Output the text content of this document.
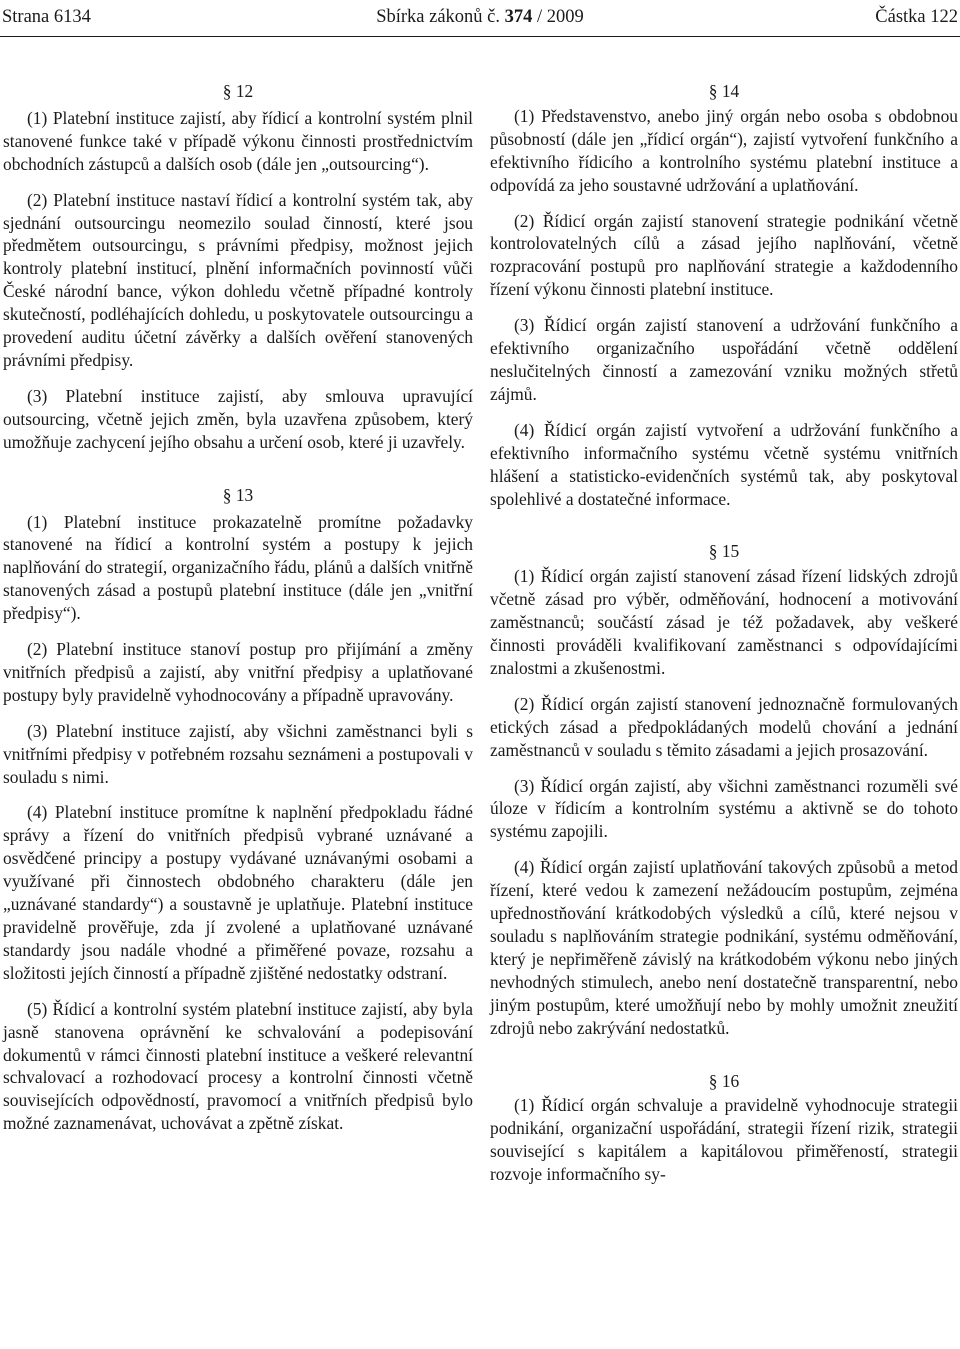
Strana 6134	Sbírka zákonů č. 374 / 2009	Částka 122
§ 12

(1) Platební instituce zajistí, aby řídicí a kontrolní systém plnil stanovené funkce také v případě výkonu činnosti prostřednictvím obchodních zástupců a dalších osob (dále jen „outsourcing“).

(2) Platební instituce nastaví řídicí a kontrolní systém tak, aby sjednání outsourcingu neomezilo soulad činností, které jsou předmětem outsourcingu, s právními předpisy, možnost jejich kontroly platební institucí, plnění informačních povinností vůči České národní bance, výkon dohledu včetně případné kontroly skutečností, podléhajících dohledu, u poskytovatele outsourcingu a provedení auditu účetní závěrky a dalších ověření stanovených právními předpisy.

(3) Platební instituce zajistí, aby smlouva upravující outsourcing, včetně jejich změn, byla uzavřena způsobem, který umožňuje zachycení jejího obsahu a určení osob, které ji uzavřely.

§ 13

(1) Platební instituce prokazatelně promítne požadavky stanovené na řídicí a kontrolní systém a postupy k jejich naplňování do strategií, organizačního řádu, plánů a dalších vnitřně stanovených zásad a postupů platební instituce (dále jen „vnitřní předpisy“).

(2) Platební instituce stanoví postup pro přijímání a změny vnitřních předpisů a zajistí, aby vnitřní předpisy a uplatňované postupy byly pravidelně vyhodnocovány a případně upravovány.

(3) Platební instituce zajistí, aby všichni zaměstnanci byli s vnitřními předpisy v potřebném rozsahu seznámeni a postupovali v souladu s nimi.

(4) Platební instituce promítne k naplnění předpokladu řádné správy a řízení do vnitřních předpisů vybrané uznávané a osvědčené principy a postupy vydávané uznávanými osobami a využívané při činnostech obdobného charakteru (dále jen „uznávané standardy“) a soustavně je uplatňuje. Platební instituce pravidelně prověřuje, zda jí zvolené a uplatňované uznávané standardy jsou nadále vhodné a přiměřené povaze, rozsahu a složitosti jejích činností a případně zjištěné nedostatky odstraní.

(5) Řídicí a kontrolní systém platební instituce zajistí, aby byla jasně stanovena oprávnění ke schvalování a podepisování dokumentů v rámci činnosti platební instituce a veškeré relevantní schvalovací a rozhodovací procesy a kontrolní činnosti včetně souvisejících odpovědností, pravomocí a vnitřních předpisů bylo možné zaznamenávat, uchovávat a zpětně získat.

§ 14

(1) Představenstvo, anebo jiný orgán nebo osoba s obdobnou působností (dále jen „řídicí orgán“), zajistí vytvoření funkčního a efektivního řídicího a kontrolního systému platební instituce a odpovídá za jeho soustavné udržování a uplatňování.

(2) Řídicí orgán zajistí stanovení strategie podnikání včetně kontrolovatelných cílů a zásad jejího naplňování, včetně rozpracování postupů pro naplňování strategie a každodenního řízení výkonu činnosti platební instituce.

(3) Řídicí orgán zajistí stanovení a udržování funkčního a efektivního organizačního uspořádání včetně oddělení neslučitelných činností a zamezování vzniku možných střetů zájmů.

(4) Řídicí orgán zajistí vytvoření a udržování funkčního a efektivního informačního systému včetně systému vnitřních hlášení a statisticko-evidenčních systémů tak, aby poskytoval spolehlivé a dostatečné informace.

§ 15

(1) Řídicí orgán zajistí stanovení zásad řízení lidských zdrojů včetně zásad pro výběr, odměňování, hodnocení a motivování zaměstnanců; součástí zásad je též požadavek, aby veškeré činnosti prováděli kvalifikovaní zaměstnanci s odpovídajícími znalostmi a zkušenostmi.

(2) Řídicí orgán zajistí stanovení jednoznačně formulovaných etických zásad a předpokládaných modelů chování a jednání zaměstnanců v souladu s těmito zásadami a jejich prosazování.

(3) Řídicí orgán zajistí, aby všichni zaměstnanci rozuměli své úloze v řídicím a kontrolním systému a aktivně se do tohoto systému zapojili.

(4) Řídicí orgán zajistí uplatňování takových způsobů a metod řízení, které vedou k zamezení nežádoucím postupům, zejména upřednostňování krátkodobých výsledků a cílů, které nejsou v souladu s naplňováním strategie podnikání, systému odměňování, který je nepřiměřeně závislý na krátkodobém výkonu nebo jiných nevhodných stimulech, anebo není dostatečně transparentní, nebo jiným postupům, které umožňují nebo by mohly umožnit zneužití zdrojů nebo zakrývání nedostatků.

§ 16

(1) Řídicí orgán schvaluje a pravidelně vyhodnocuje strategii podnikání, organizační uspořádání, strategii řízení rizik, strategii související s kapitálem a kapitálovou přiměřeností, strategii rozvoje informačního sy-
